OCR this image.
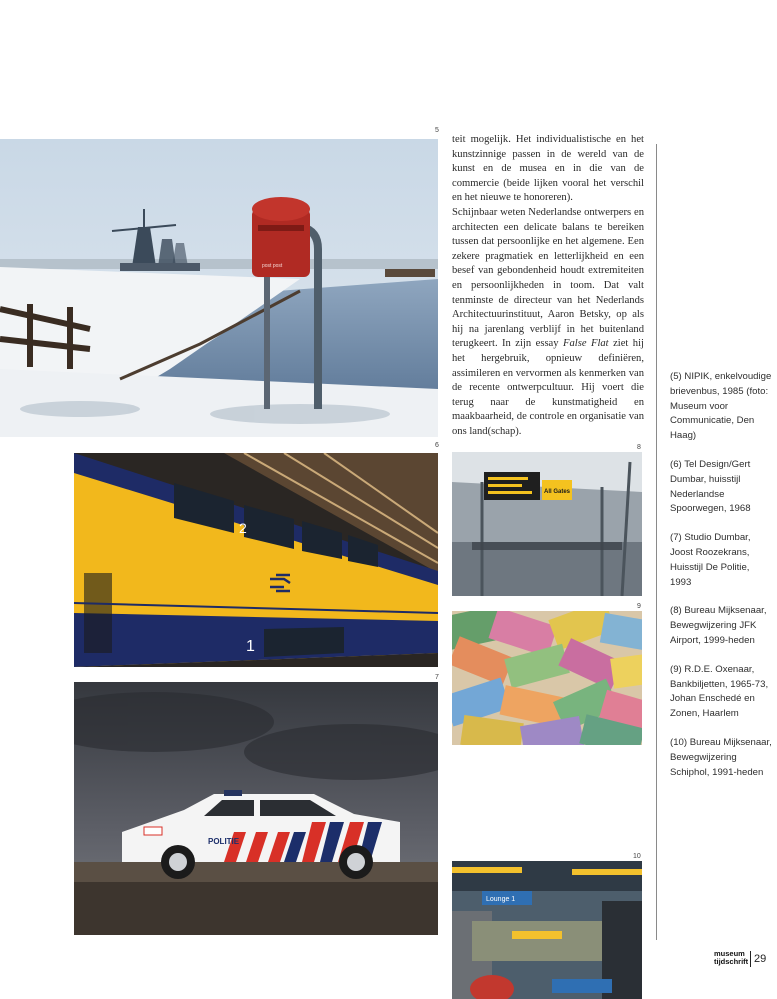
5
6
7
8
9
10
post post
2
1
POLITIE
All Gates
Lounge 1

teit mogelijk. Het individualistische en het kunstzinnige passen in de wereld van de kunst en de musea en in die van de commercie (beide lijken vooral het verschil en het nieuwe te honoreren).

Schijnbaar weten Nederlandse ontwerpers en architecten een delicate balans te bereiken tussen dat persoonlijke en het algemene. Een zekere pragmatiek en letterlijkheid en een besef van gebondenheid houdt extremiteiten en persoonlijkheden in toom. Dat valt tenminste de directeur van het Nederlands Architectuurinstituut, Aaron Betsky, op als hij na jarenlang verblijf in het buitenland terugkeert. In zijn essay False Flat ziet hij het hergebruik, opnieuw definiëren, assimileren en vervormen als kenmerken van de recente ontwerpcultuur. Hij voert die terug naar de kunstmatigheid en maakbaarheid, de controle en organisatie van ons land(schap).

(5) NIPIK, enkelvoudige brievenbus, 1985 (foto: Museum voor Communicatie, Den Haag)

(6) Tel Design/Gert Dumbar, huisstijl Nederlandse Spoorwegen, 1968

(7) Studio Dumbar, Joost Roozekrans, Huisstijl De Politie, 1993

(8) Bureau Mijksenaar, Bewegwijzering JFK Airport, 1999-heden

(9) R.D.E. Oxenaar, Bankbiljetten, 1965-73, Johan Enschedé en Zonen, Haarlem

(10) Bureau Mijksenaar, Bewegwijzering Schiphol, 1991-heden

museum
tijdschrift 29
